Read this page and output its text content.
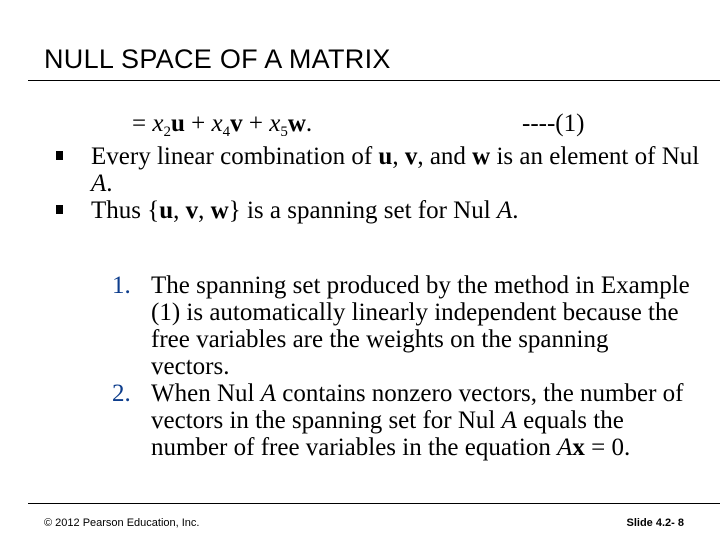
NULL SPACE OF A MATRIX
= $x_2u + x_4v + x_5w$.	----(1)
Every linear combination of u, v, and w is an element of Nul A.
Thus {u, v, w} is a spanning set for Nul A.
1. The spanning set produced by the method in Example (1) is automatically linearly independent because the free variables are the weights on the spanning vectors.
2. When Nul A contains nonzero vectors, the number of vectors in the spanning set for Nul A equals the number of free variables in the equation Ax = 0.
© 2012 Pearson Education, Inc.	Slide 4.2- 8
